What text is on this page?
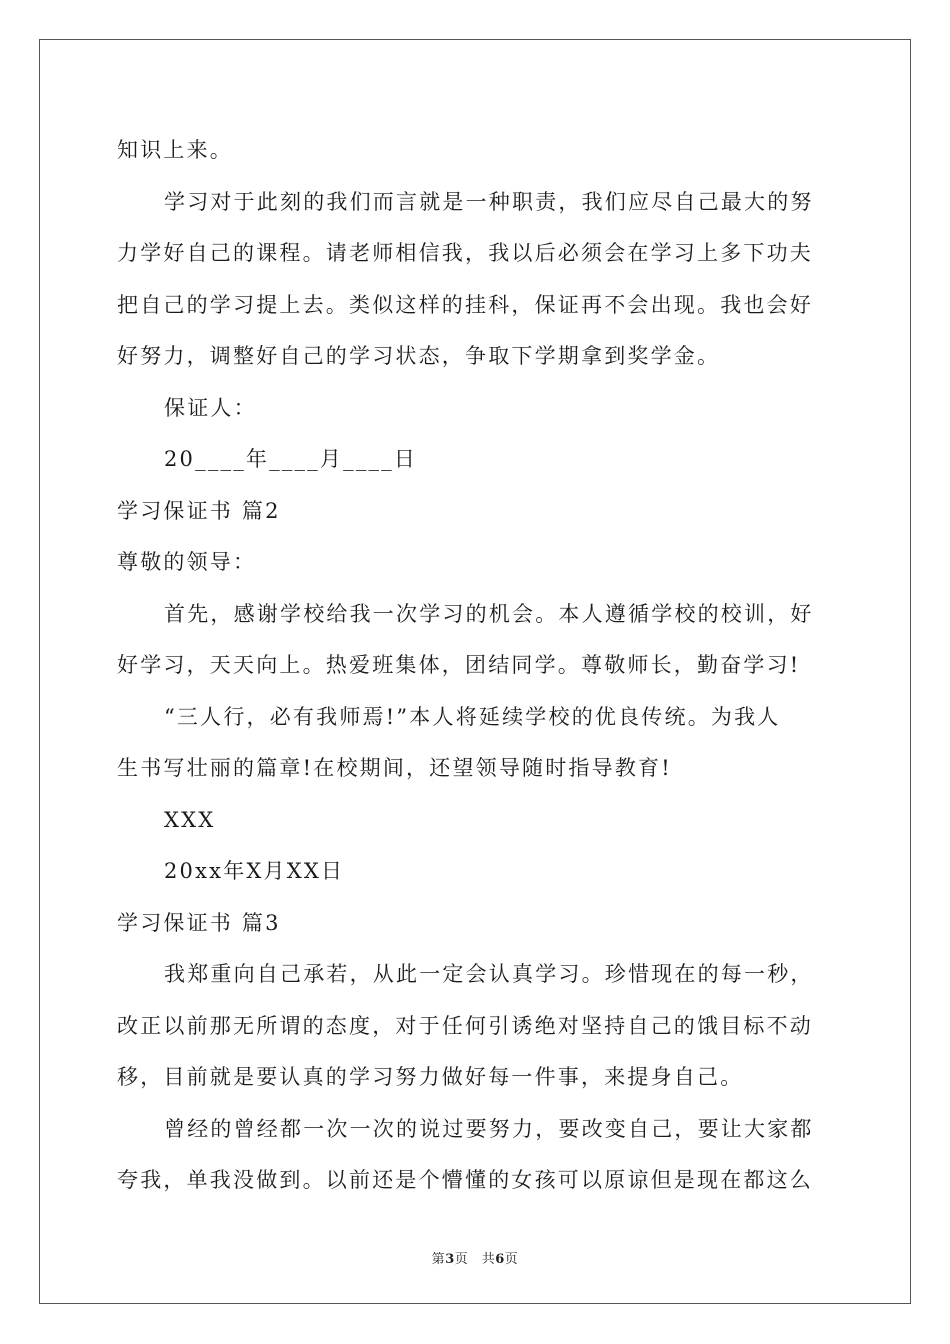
知识上来。
学习对于此刻的我们而言就是一种职责，我们应尽自己最大的努
力学好自己的课程。请老师相信我，我以后必须会在学习上多下功夫
把自己的学习提上去。类似这样的挂科，保证再不会出现。我也会好
好努力，调整好自己的学习状态，争取下学期拿到奖学金。
保证人：
20____年____月____日
学习保证书 篇2
尊敬的领导：
首先，感谢学校给我一次学习的机会。本人遵循学校的校训，好
好学习，天天向上。热爱班集体，团结同学。尊敬师长，勤奋学习!
“三人行，必有我师焉!”本人将延续学校的优良传统。为我人
生书写壮丽的篇章!在校期间，还望领导随时指导教育!
XXX
20xx年X月XX日
学习保证书 篇3
我郑重向自己承若，从此一定会认真学习。珍惜现在的每一秒，
改正以前那无所谓的态度，对于任何引诱绝对坚持自己的饿目标不动
移，目前就是要认真的学习努力做好每一件事，来提身自己。
曾经的曾经都一次一次的说过要努力，要改变自己，要让大家都
夸我，单我没做到。以前还是个懵懂的女孩可以原谅但是现在都这么
第3页　共6页
